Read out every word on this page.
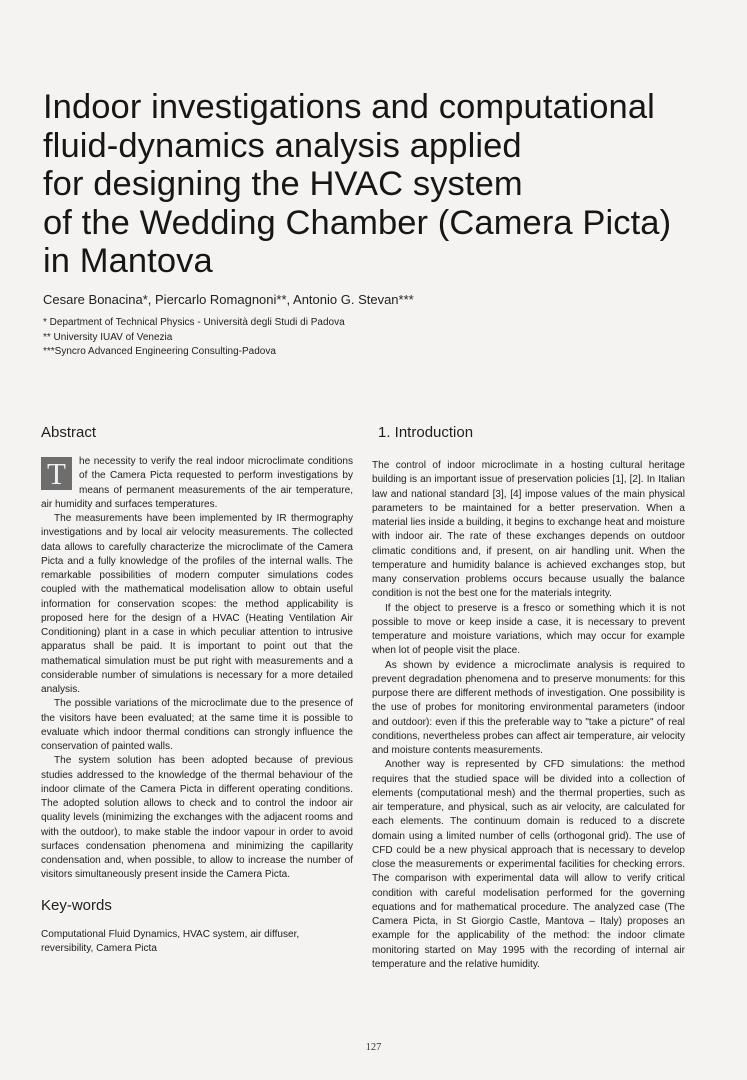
Indoor investigations and computational
fluid-dynamics analysis applied
for designing the HVAC system
of the Wedding Chamber (Camera Picta)
in Mantova
Cesare Bonacina*, Piercarlo Romagnoni**, Antonio G. Stevan***
* Department of Technical Physics - Università degli Studi di Padova
** University IUAV of Venezia
***Syncro Advanced Engineering Consulting-Padova
Abstract

T	he necessity to verify the real indoor microclimate conditions of the Camera Picta requested to perform investigations by means of permanent measurements of the air temperature, air humidity and surfaces temperatures.

The measurements have been implemented by IR thermography investigations and by local air velocity measurements. The collected data allows to carefully characterize the microclimate of the Camera Picta and a fully knowledge of the profiles of the internal walls. The remarkable possibilities of modern computer simulations codes coupled with the mathematical modelisation allow to obtain useful information for conservation scopes: the method applicability is proposed here for the design of a HVAC (Heating Ventilation Air Conditioning) plant in a case in which peculiar attention to intrusive apparatus shall be paid. It is important to point out that the mathematical simulation must be put right with measurements and a considerable number of simulations is necessary for a more detailed analysis.

The possible variations of the microclimate due to the presence of the visitors have been evaluated; at the same time it is possible to evaluate which indoor thermal conditions can strongly influence the conservation of painted walls.

The system solution has been adopted because of previous studies addressed to the knowledge of the thermal behaviour of the indoor climate of the Camera Picta in different operating conditions. The adopted solution allows to check and to control the indoor air quality levels (minimizing the exchanges with the adjacent rooms and with the outdoor), to make stable the indoor vapour in order to avoid surfaces condensation phenomena and minimizing the capillarity condensation and, when possible, to allow to increase the number of visitors simultaneously present inside the Camera Picta.

Key-words

Computational Fluid Dynamics, HVAC system, air diffuser, reversibility, Camera Picta

1. Introduction

The control of indoor microclimate in a hosting cultural heritage building is an important issue of preservation policies [1], [2]. In Italian law and national standard [3], [4] impose values of the main physical parameters to be maintained for a better preservation. When a material lies inside a building, it begins to exchange heat and moisture with indoor air. The rate of these exchanges depends on outdoor climatic conditions and, if present, on air handling unit. When the temperature and humidity balance is achieved exchanges stop, but many conservation problems occurs because usually the balance condition is not the best one for the materials integrity.

If the object to preserve is a fresco or something which it is not possible to move or keep inside a case, it is necessary to prevent temperature and moisture variations, which may occur for example when lot of people visit the place.

As shown by evidence a microclimate analysis is required to prevent degradation phenomena and to preserve monuments: for this purpose there are different methods of investigation. One possibility is the use of probes for monitoring environmental parameters (indoor and outdoor): even if this the preferable way to "take a picture" of real conditions, nevertheless probes can affect air temperature, air velocity and moisture contents measurements.

Another way is represented by CFD simulations: the method requires that the studied space will be divided into a collection of elements (computational mesh) and the thermal properties, such as air temperature, and physical, such as air velocity, are calculated for each elements. The continuum domain is reduced to a discrete domain using a limited number of cells (orthogonal grid). The use of CFD could be a new physical approach that is necessary to develop close the measurements or experimental facilities for checking errors. The comparison with experimental data will allow to verify critical condition with careful modelisation performed for the governing equations and for mathematical procedure. The analyzed case (The Camera Picta, in St Giorgio Castle, Mantova – Italy) proposes an example for the applicability of the method: the indoor climate monitoring started on May 1995 with the recording of internal air temperature and the relative humidity.

127
